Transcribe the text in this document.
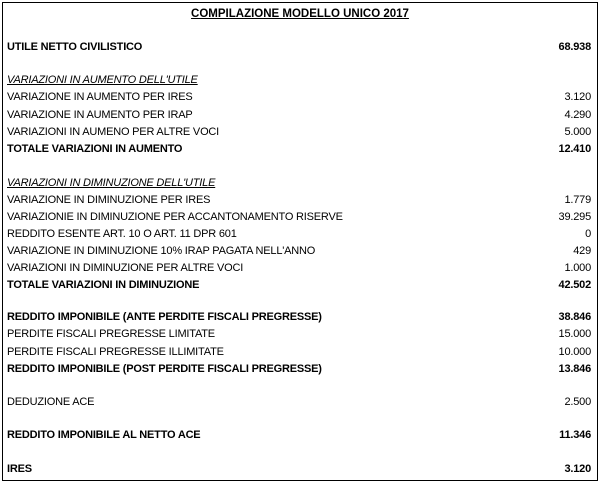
COMPILAZIONE MODELLO UNICO 2017
UTILE NETTO CIVILISTICO	68.938
VARIAZIONI IN AUMENTO DELL'UTILE
VARIAZIONE IN AUMENTO PER IRES	3.120
VARIAZIONE IN AUMENTO PER IRAP	4.290
VARIAZIONI IN AUMENO PER ALTRE VOCI	5.000
TOTALE VARIAZIONI IN AUMENTO	12.410
VARIAZIONI IN DIMINUZIONE DELL'UTILE
VARIAZIONE IN DIMINUZIONE PER IRES	1.779
VARIAZIONIE IN DIMINUZIONE PER ACCANTONAMENTO RISERVE	39.295
REDDITO ESENTE ART. 10 O ART. 11 DPR 601	0
VARIAZIONE IN DIMINUZIONE 10% IRAP PAGATA NELL'ANNO	429
VARIAZIONI IN DIMINUZIONE PER ALTRE VOCI	1.000
TOTALE VARIAZIONI IN DIMINUZIONE	42.502
REDDITO IMPONIBILE (ANTE PERDITE FISCALI PREGRESSE)	38.846
PERDITE FISCALI PREGRESSE LIMITATE	15.000
PERDITE FISCALI PREGRESSE ILLIMITATE	10.000
REDDITO IMPONIBILE (POST PERDITE FISCALI PREGRESSE)	13.846
DEDUZIONE ACE	2.500
REDDITO IMPONIBILE AL NETTO ACE	11.346
IRES	3.120
